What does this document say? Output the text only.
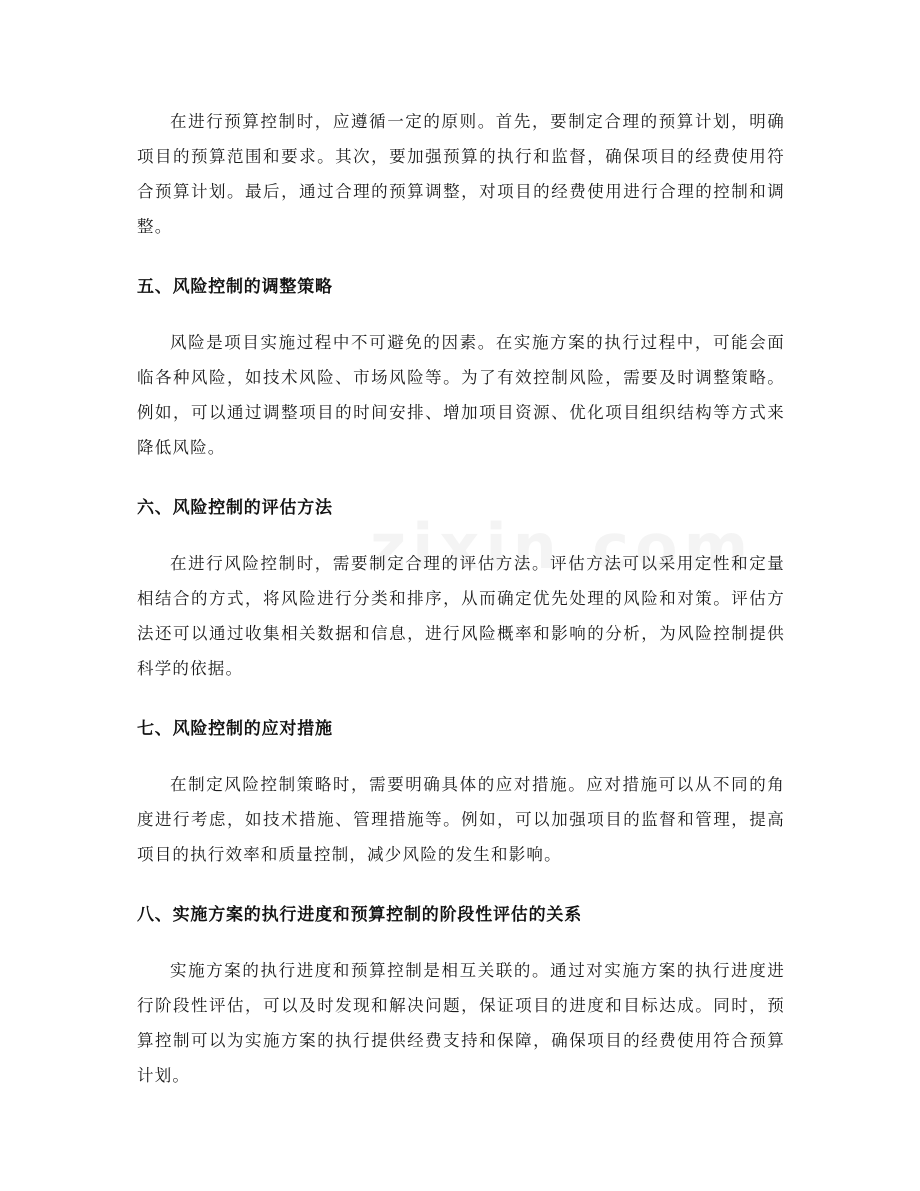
在进行预算控制时，应遵循一定的原则。首先，要制定合理的预算计划，明确项目的预算范围和要求。其次，要加强预算的执行和监督，确保项目的经费使用符合预算计划。最后，通过合理的预算调整，对项目的经费使用进行合理的控制和调整。

五、风险控制的调整策略

风险是项目实施过程中不可避免的因素。在实施方案的执行过程中，可能会面临各种风险，如技术风险、市场风险等。为了有效控制风险，需要及时调整策略。例如，可以通过调整项目的时间安排、增加项目资源、优化项目组织结构等方式来降低风险。

六、风险控制的评估方法

在进行风险控制时，需要制定合理的评估方法。评估方法可以采用定性和定量相结合的方式，将风险进行分类和排序，从而确定优先处理的风险和对策。评估方法还可以通过收集相关数据和信息，进行风险概率和影响的分析，为风险控制提供科学的依据。

七、风险控制的应对措施

在制定风险控制策略时，需要明确具体的应对措施。应对措施可以从不同的角度进行考虑，如技术措施、管理措施等。例如，可以加强项目的监督和管理，提高项目的执行效率和质量控制，减少风险的发生和影响。

八、实施方案的执行进度和预算控制的阶段性评估的关系

实施方案的执行进度和预算控制是相互关联的。通过对实施方案的执行进度进行阶段性评估，可以及时发现和解决问题，保证项目的进度和目标达成。同时，预算控制可以为实施方案的执行提供经费支持和保障，确保项目的经费使用符合预算计划。
